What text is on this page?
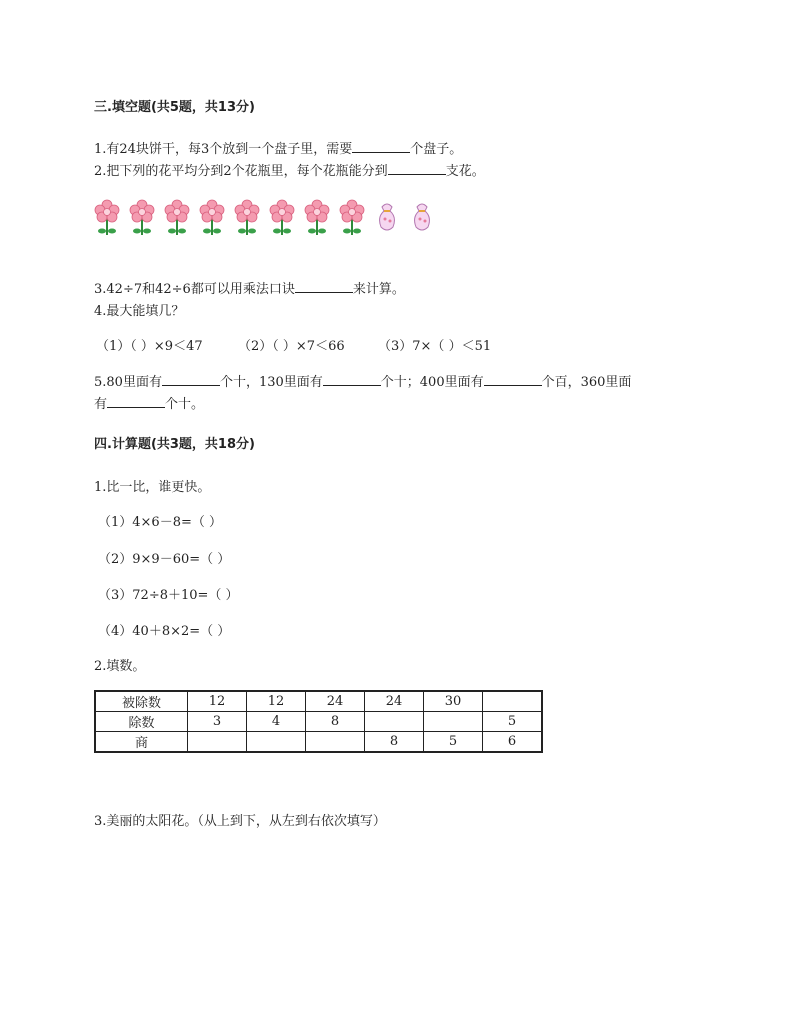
三.填空题(共5题，共13分)
1.有24块饼干，每3个放到一个盘子里，需要	个盘子。
2.把下列的花平均分到2个花瓶里，每个花瓶能分到	支花。
3.42÷7和42÷6都可以用乘法口诀	来计算。
4.最大能填几？
（1）（ ）×9＜47	（2）（ ）×7＜66	（3）7×（ ）＜51
5.80里面有	个十，130里面有	个十；400里面有	个百，360里面
有	个十。
四.计算题(共3题，共18分)
1.比一比，谁更快。
（1）4×6－8=（ ）
（2）9×9－60=（ ）
（3）72÷8＋10=（ ）
（4）40＋8×2=（ ）
2.填数。
被除数	12	12	24	24	30	
除数	3	4	8			5
商				8	5	6
3.美丽的太阳花。（从上到下，从左到右依次填写）
